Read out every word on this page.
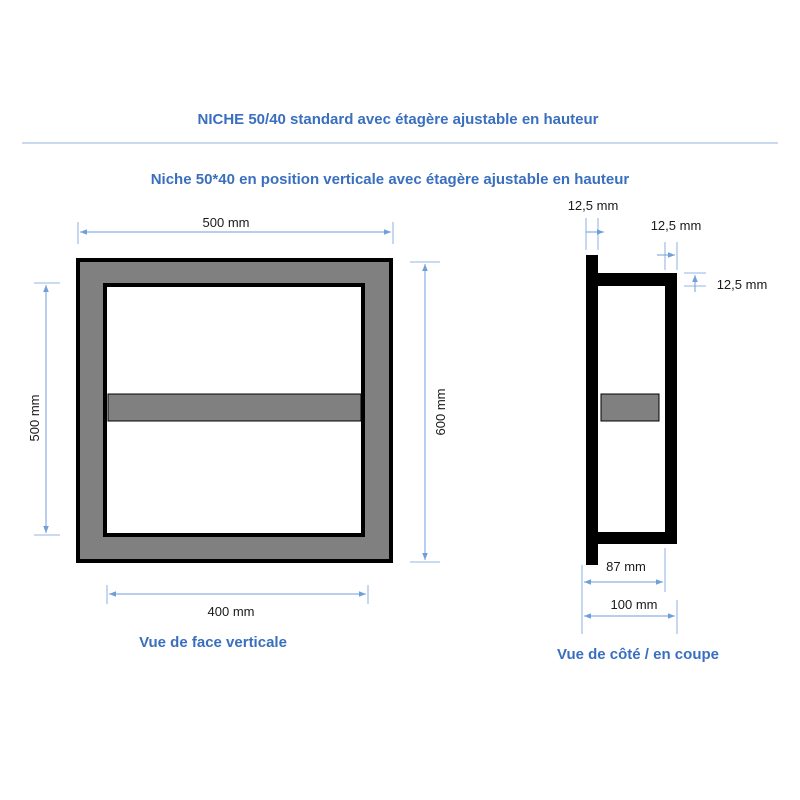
NICHE 50/40 standard avec étagère ajustable en hauteur
Niche 50*40 en position verticale avec étagère ajustable en hauteur
500 mm
400 mm
500 mm	600 mm
Vue de face verticale
12,5 mm
12,5 mm
12,5 mm
87 mm
100 mm
Vue de côté / en coupe
